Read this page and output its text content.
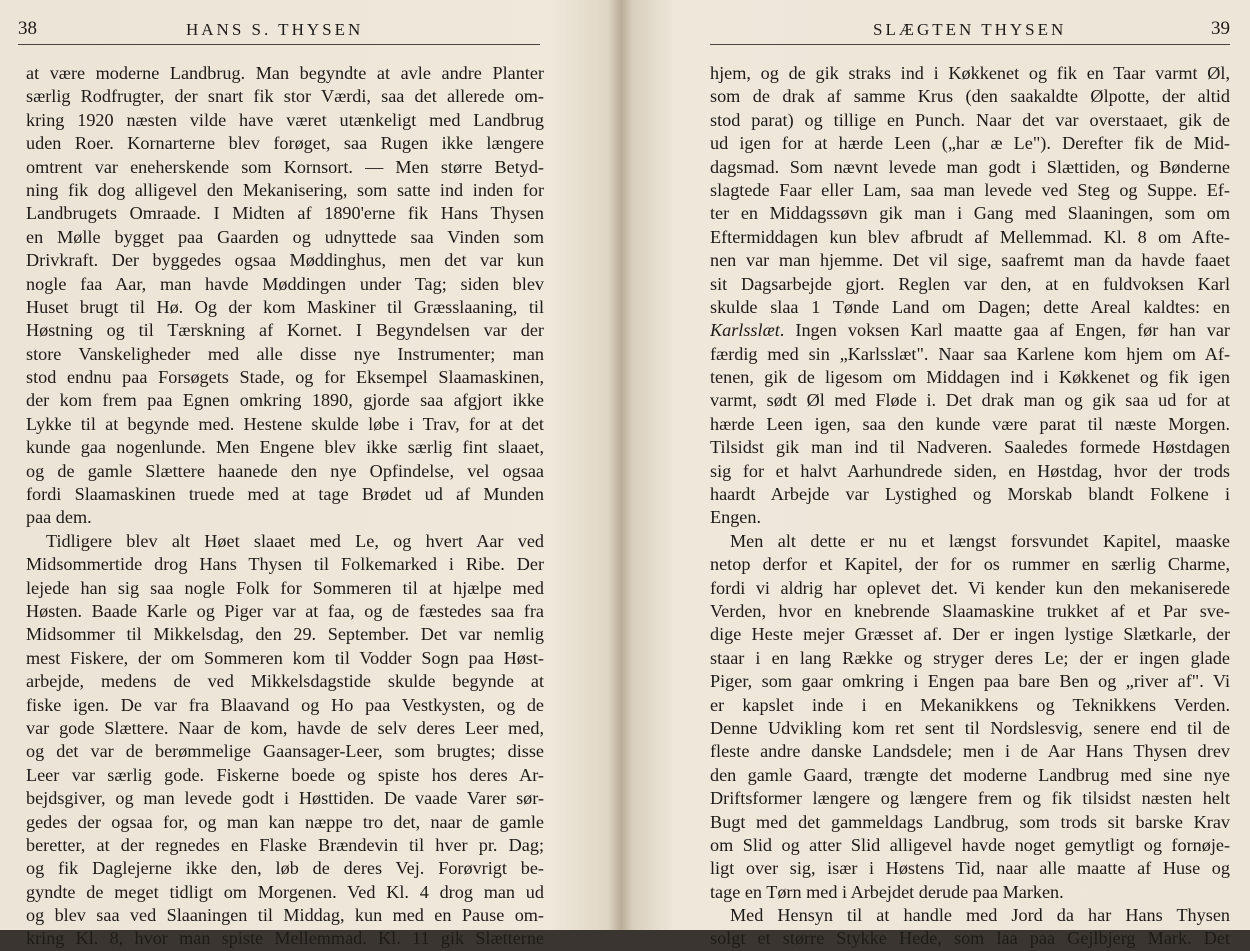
38	HANS S. THYSEN
at være moderne Landbrug. Man begyndte at avle andre Planter
særlig Rodfrugter, der snart fik stor Værdi, saa det allerede om-
kring 1920 næsten vilde have været utænkeligt med Landbrug
uden Roer. Kornarterne blev forøget, saa Rugen ikke længere
omtrent var eneherskende som Kornsort. — Men større Betyd-
ning fik dog alligevel den Mekanisering, som satte ind inden for
Landbrugets Omraade. I Midten af 1890'erne fik Hans Thysen
en Mølle bygget paa Gaarden og udnyttede saa Vinden som
Drivkraft. Der byggedes ogsaa Møddinghus, men det var kun
nogle faa Aar, man havde Møddingen under Tag; siden blev
Huset brugt til Hø. Og der kom Maskiner til Græsslaaning, til
Høstning og til Tærskning af Kornet. I Begyndelsen var der
store Vanskeligheder med alle disse nye Instrumenter; man
stod endnu paa Forsøgets Stade, og for Eksempel Slaamaskinen,
der kom frem paa Egnen omkring 1890, gjorde saa afgjort ikke
Lykke til at begynde med. Hestene skulde løbe i Trav, for at det
kunde gaa nogenlunde. Men Engene blev ikke særlig fint slaaet,
og de gamle Slættere haanede den nye Opfindelse, vel ogsaa
fordi Slaamaskinen truede med at tage Brødet ud af Munden
paa dem.
Tidligere blev alt Høet slaaet med Le, og hvert Aar ved
Midsommertide drog Hans Thysen til Folkemarked i Ribe. Der
lejede han sig saa nogle Folk for Sommeren til at hjælpe med
Høsten. Baade Karle og Piger var at faa, og de fæstedes saa fra
Midsommer til Mikkelsdag, den 29. September. Det var nemlig
mest Fiskere, der om Sommeren kom til Vodder Sogn paa Høst-
arbejde, medens de ved Mikkelsdagstide skulde begynde at
fiske igen. De var fra Blaavand og Ho paa Vestkysten, og de
var gode Slættere. Naar de kom, havde de selv deres Leer med,
og det var de berømmelige Gaansager-Leer, som brugtes; disse
Leer var særlig gode. Fiskerne boede og spiste hos deres Ar-
bejdsgiver, og man levede godt i Høsttiden. De vaade Varer sør-
gedes der ogsaa for, og man kan næppe tro det, naar de gamle
beretter, at der regnedes en Flaske Brændevin til hver pr. Dag;
og fik Daglejerne ikke den, løb de deres Vej. Forøvrigt be-
gyndte de meget tidligt om Morgenen. Ved Kl. 4 drog man ud
og blev saa ved Slaaningen til Middag, kun med en Pause om-
kring Kl. 8, hvor man spiste Mellemmad. Kl. 11 gik Slætterne
SLÆGTEN THYSEN	39
hjem, og de gik straks ind i Køkkenet og fik en Taar varmt Øl,
som de drak af samme Krus (den saakaldte Ølpotte, der altid
stod parat) og tillige en Punch. Naar det var overstaaet, gik de
ud igen for at hærde Leen („har æ Le"). Derefter fik de Mid-
dagsmad. Som nævnt levede man godt i Slættiden, og Bønderne
slagtede Faar eller Lam, saa man levede ved Steg og Suppe. Ef-
ter en Middagssøvn gik man i Gang med Slaaningen, som om
Eftermiddagen kun blev afbrudt af Mellemmad. Kl. 8 om Afte-
nen var man hjemme. Det vil sige, saafremt man da havde faaet
sit Dagsarbejde gjort. Reglen var den, at en fuldvoksen Karl
skulde slaa 1 Tønde Land om Dagen; dette Areal kaldtes: en
Karlsslæt. Ingen voksen Karl maatte gaa af Engen, før han var
færdig med sin „Karlsslæt". Naar saa Karlene kom hjem om Af-
tenen, gik de ligesom om Middagen ind i Køkkenet og fik igen
varmt, sødt Øl med Fløde i. Det drak man og gik saa ud for at
hærde Leen igen, saa den kunde være parat til næste Morgen.
Tilsidst gik man ind til Nadveren. Saaledes formede Høstdagen
sig for et halvt Aarhundrede siden, en Høstdag, hvor der trods
haardt Arbejde var Lystighed og Morskab blandt Folkene i
Engen.
Men alt dette er nu et længst forsvundet Kapitel, maaske
netop derfor et Kapitel, der for os rummer en særlig Charme,
fordi vi aldrig har oplevet det. Vi kender kun den mekaniserede
Verden, hvor en knebrende Slaamaskine trukket af et Par sve-
dige Heste mejer Græsset af. Der er ingen lystige Slætkarle, der
staar i en lang Række og stryger deres Le; der er ingen glade
Piger, som gaar omkring i Engen paa bare Ben og „river af". Vi
er kapslet inde i en Mekanikkens og Teknikkens Verden.
Denne Udvikling kom ret sent til Nordslesvig, senere end til de
fleste andre danske Landsdele; men i de Aar Hans Thysen drev
den gamle Gaard, trængte det moderne Landbrug med sine nye
Driftsformer længere og længere frem og fik tilsidst næsten helt
Bugt med det gammeldags Landbrug, som trods sit barske Krav
om Slid og atter Slid alligevel havde noget gemytligt og fornøje-
ligt over sig, især i Høstens Tid, naar alle maatte af Huse og
tage en Tørn med i Arbejdet derude paa Marken.
Med Hensyn til at handle med Jord da har Hans Thysen
solgt et større Stykke Hede, som laa paa Gejlbjerg Mark. Det
